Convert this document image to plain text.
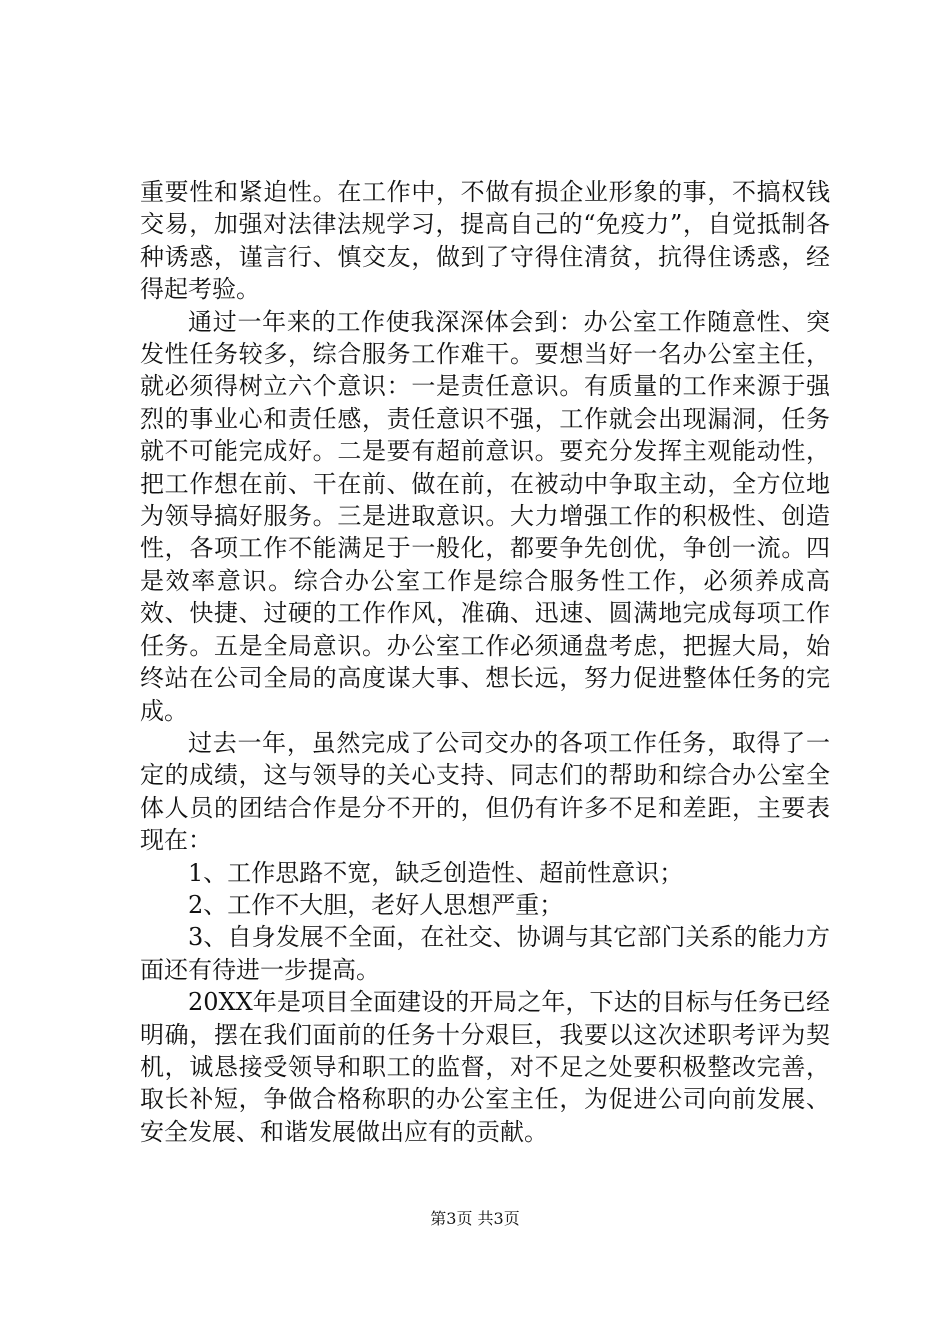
重要性和紧迫性。在工作中，不做有损企业形象的事，不搞权钱交易，加强对法律法规学习，提高自己的“免疫力”，自觉抵制各种诱惑，谨言行、慎交友，做到了守得住清贫，抗得住诱惑，经得起考验。

通过一年来的工作使我深深体会到：办公室工作随意性、突发性任务较多，综合服务工作难干。要想当好一名办公室主任，就必须得树立六个意识：一是责任意识。有质量的工作来源于强烈的事业心和责任感，责任意识不强，工作就会出现漏洞，任务就不可能完成好。二是要有超前意识。要充分发挥主观能动性，把工作想在前、干在前、做在前，在被动中争取主动，全方位地为领导搞好服务。三是进取意识。大力增强工作的积极性、创造性，各项工作不能满足于一般化，都要争先创优，争创一流。四是效率意识。综合办公室工作是综合服务性工作，必须养成高效、快捷、过硬的工作作风，准确、迅速、圆满地完成每项工作任务。五是全局意识。办公室工作必须通盘考虑，把握大局，始终站在公司全局的高度谋大事、想长远，努力促进整体任务的完成。

过去一年，虽然完成了公司交办的各项工作任务，取得了一定的成绩，这与领导的关心支持、同志们的帮助和综合办公室全体人员的团结合作是分不开的，但仍有许多不足和差距，主要表现在：

1、工作思路不宽，缺乏创造性、超前性意识；

2、工作不大胆，老好人思想严重；

3、自身发展不全面，在社交、协调与其它部门关系的能力方面还有待进一步提高。

20XX年是项目全面建设的开局之年，下达的目标与任务已经明确，摆在我们面前的任务十分艰巨，我要以这次述职考评为契机，诚恳接受领导和职工的监督，对不足之处要积极整改完善，取长补短，争做合格称职的办公室主任，为促进公司向前发展、安全发展、和谐发展做出应有的贡献。

第3页 共3页
